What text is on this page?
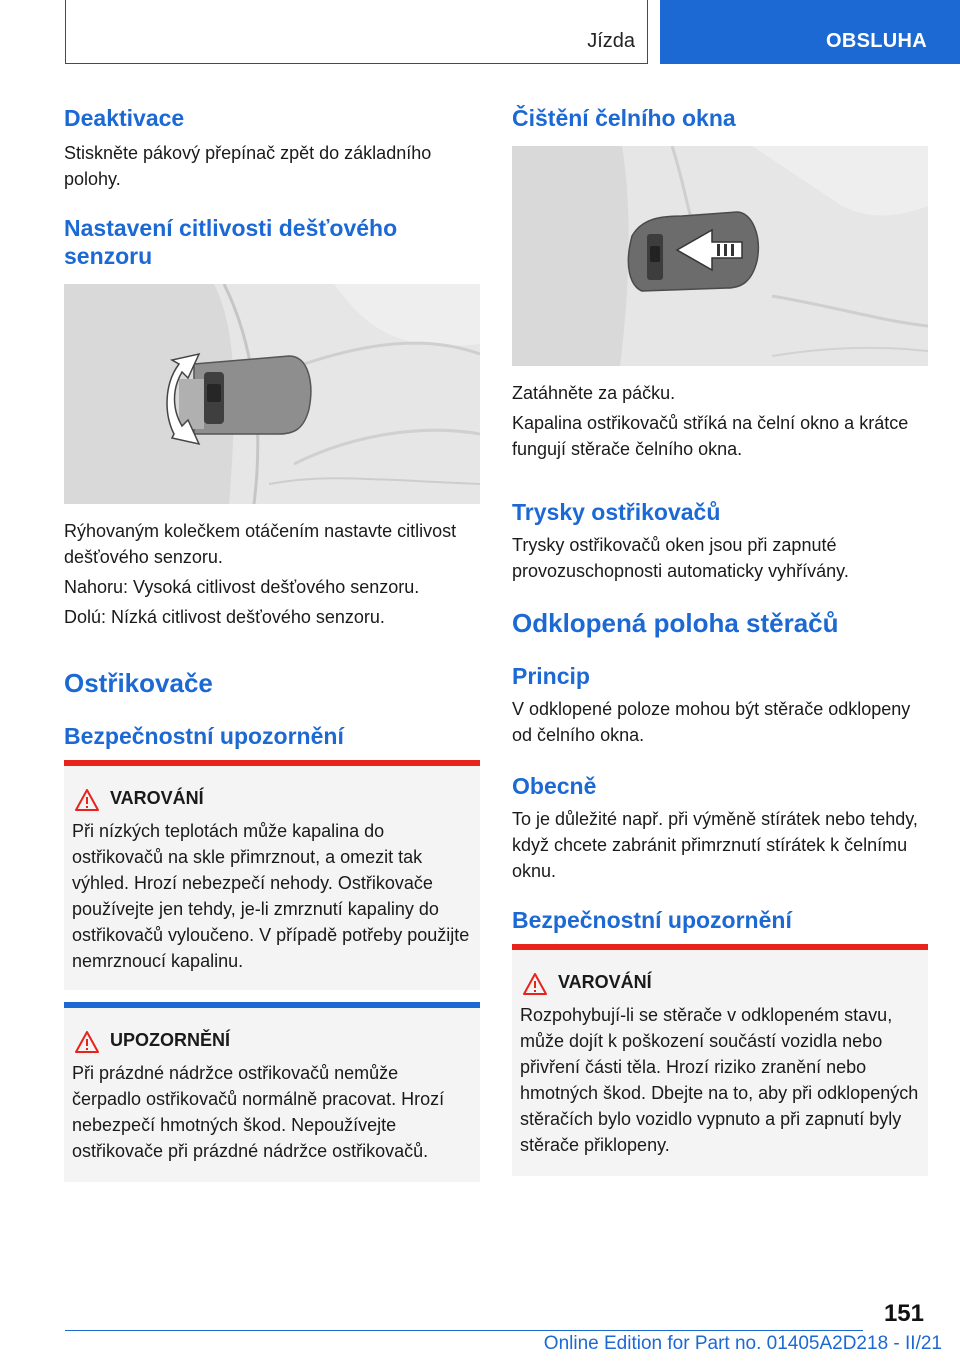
Jízda	OBSLUHA
Deaktivace

Stiskněte pákový přepínač zpět do základního polohy.

Nastavení citlivosti dešťového senzoru

Rýhovaným kolečkem otáčením nastavte citlivost dešťového senzoru.

Nahoru: Vysoká citlivost dešťového senzoru.

Dolú: Nízká citlivost dešťového senzoru.

Ostřikovače
Bezpečnostní upozornění
VAROVÁNÍ

Při nízkých teplotách může kapalina do ostřikovačů na skle přimrznout, a omezit tak výhled. Hrozí nebezpečí nehody. Ostřikovače používejte jen tehdy, je-li zmrznutí kapaliny do ostřikovačů vyloučeno. V případě potřeby použijte nemrznoucí kapalinu.

UPOZORNĚNÍ

Při prázdné nádržce ostřikovačů nemůže čerpadlo ostřikovačů normálně pracovat. Hrozí nebezpečí hmotných škod. Nepoužívejte ostřikovače při prázdné nádržce ostřikovačů.

Čištění čelního okna

Zatáhněte za páčku.

Kapalina ostřikovačů stříká na čelní okno a krátce fungují stěrače čelního okna.

Trysky ostřikovačů

Trysky ostřikovačů oken jsou při zapnuté provozuschopnosti automaticky vyhřívány.

Odklopená poloha stěračů
Princip

V odklopené poloze mohou být stěrače odklopeny od čelního okna.

Obecně

To je důležité např. při výměně stírátek nebo tehdy, když chcete zabránit přimrznutí stírátek k čelnímu oknu.

Bezpečnostní upozornění
VAROVÁNÍ

Rozpohybují-li se stěrače v odklopeném stavu, může dojít k poškození součástí vozidla nebo přivření části těla. Hrozí riziko zranění nebo hmotných škod. Dbejte na to, aby při odklopených stěračích bylo vozidlo vypnuto a při zapnutí byly stěrače přiklopeny.

151
Online Edition for Part no. 01405A2D218 - II/21
